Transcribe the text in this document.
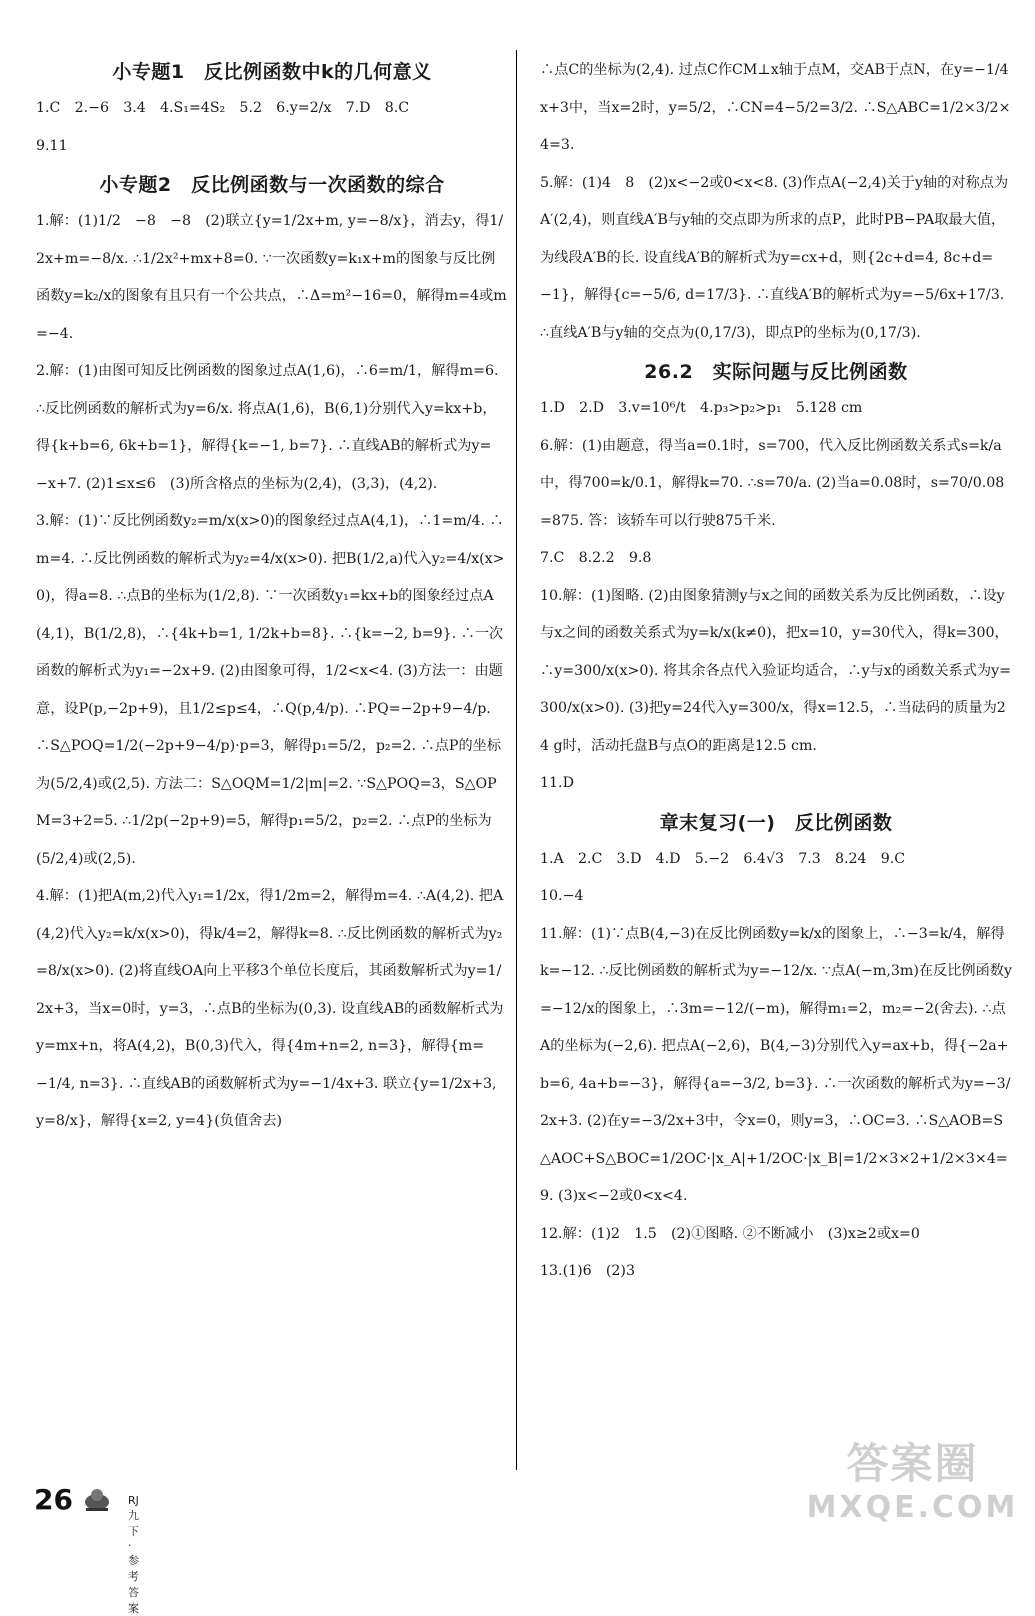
小专题1　反比例函数中k的几何意义

1.C　2.−6　3.4　4.S₁=4S₂　5.2　6.y=2/x　7.D　8.C

9.11

小专题2　反比例函数与一次函数的综合

1.解：(1)1/2　−8　−8　(2)联立{y=1/2x+m, y=−8/x}，消去y，得1/2x+m=−8/x. ∴1/2x²+mx+8=0. ∵一次函数y=k₁x+m的图象与反比例函数y=k₂/x的图象有且只有一个公共点，∴Δ=m²−16=0，解得m=4或m=−4.

2.解：(1)由图可知反比例函数的图象过点A(1,6)，∴6=m/1，解得m=6. ∴反比例函数的解析式为y=6/x. 将点A(1,6)，B(6,1)分别代入y=kx+b，得{k+b=6, 6k+b=1}，解得{k=−1, b=7}. ∴直线AB的解析式为y=−x+7. (2)1≤x≤6　(3)所含格点的坐标为(2,4)，(3,3)，(4,2).

3.解：(1)∵反比例函数y₂=m/x(x>0)的图象经过点A(4,1)，∴1=m/4. ∴m=4. ∴反比例函数的解析式为y₂=4/x(x>0). 把B(1/2,a)代入y₂=4/x(x>0)，得a=8. ∴点B的坐标为(1/2,8). ∵一次函数y₁=kx+b的图象经过点A(4,1)，B(1/2,8)，∴{4k+b=1, 1/2k+b=8}. ∴{k=−2, b=9}. ∴一次函数的解析式为y₁=−2x+9. (2)由图象可得，1/2<x<4. (3)方法一：由题意，设P(p,−2p+9)，且1/2≤p≤4，∴Q(p,4/p). ∴PQ=−2p+9−4/p. ∴S△POQ=1/2(−2p+9−4/p)·p=3，解得p₁=5/2，p₂=2. ∴点P的坐标为(5/2,4)或(2,5). 方法二：S△OQM=1/2|m|=2. ∵S△POQ=3，S△OPM=3+2=5. ∴1/2p(−2p+9)=5，解得p₁=5/2，p₂=2. ∴点P的坐标为(5/2,4)或(2,5).

4.解：(1)把A(m,2)代入y₁=1/2x，得1/2m=2，解得m=4. ∴A(4,2). 把A(4,2)代入y₂=k/x(x>0)，得k/4=2，解得k=8. ∴反比例函数的解析式为y₂=8/x(x>0). (2)将直线OA向上平移3个单位长度后，其函数解析式为y=1/2x+3，当x=0时，y=3，∴点B的坐标为(0,3). 设直线AB的函数解析式为y=mx+n，将A(4,2)，B(0,3)代入，得{4m+n=2, n=3}，解得{m=−1/4, n=3}. ∴直线AB的函数解析式为y=−1/4x+3. 联立{y=1/2x+3, y=8/x}，解得{x=2, y=4}(负值舍去)

∴点C的坐标为(2,4). 过点C作CM⊥x轴于点M，交AB于点N，在y=−1/4x+3中，当x=2时，y=5/2，∴CN=4−5/2=3/2. ∴S△ABC=1/2×3/2×4=3.

5.解：(1)4　8　(2)x<−2或0<x<8. (3)作点A(−2,4)关于y轴的对称点为A′(2,4)，则直线A′B与y轴的交点即为所求的点P，此时PB−PA取最大值，为线段A′B的长. 设直线A′B的解析式为y=cx+d，则{2c+d=4, 8c+d=−1}，解得{c=−5/6, d=17/3}. ∴直线A′B的解析式为y=−5/6x+17/3. ∴直线A′B与y轴的交点为(0,17/3)，即点P的坐标为(0,17/3).

26.2　实际问题与反比例函数

1.D　2.D　3.v=10⁶/t　4.p₃>p₂>p₁　5.128 cm

6.解：(1)由题意，得当a=0.1时，s=700，代入反比例函数关系式s=k/a中，得700=k/0.1，解得k=70. ∴s=70/a. (2)当a=0.08时，s=70/0.08=875. 答：该轿车可以行驶875千米.

7.C　8.2.2　9.8

10.解：(1)图略. (2)由图象猜测y与x之间的函数关系为反比例函数，∴设y与x之间的函数关系式为y=k/x(k≠0)，把x=10，y=30代入，得k=300，∴y=300/x(x>0). 将其余各点代入验证均适合，∴y与x的函数关系式为y=300/x(x>0). (3)把y=24代入y=300/x，得x=12.5，∴当砝码的质量为24 g时，活动托盘B与点O的距离是12.5 cm.

11.D

章末复习(一)　反比例函数

1.A　2.C　3.D　4.D　5.−2　6.4√3　7.3　8.24　9.C

10.−4

11.解：(1)∵点B(4,−3)在反比例函数y=k/x的图象上，∴−3=k/4，解得k=−12. ∴反比例函数的解析式为y=−12/x. ∵点A(−m,3m)在反比例函数y=−12/x的图象上，∴3m=−12/(−m)，解得m₁=2，m₂=−2(舍去). ∴点A的坐标为(−2,6). 把点A(−2,6)，B(4,−3)分别代入y=ax+b，得{−2a+b=6, 4a+b=−3}，解得{a=−3/2, b=3}. ∴一次函数的解析式为y=−3/2x+3. (2)在y=−3/2x+3中，令x=0，则y=3，∴OC=3. ∴S△AOB=S△AOC+S△BOC=1/2OC·|x_A|+1/2OC·|x_B|=1/2×3×2+1/2×3×4=9. (3)x<−2或0<x<4.

12.解：(1)2　1.5　(2)①图略. ②不断减小　(3)x≥2或x=0

13.(1)6　(2)3

26	RJ九下·参考答案
答案圈
MXQE.COM
